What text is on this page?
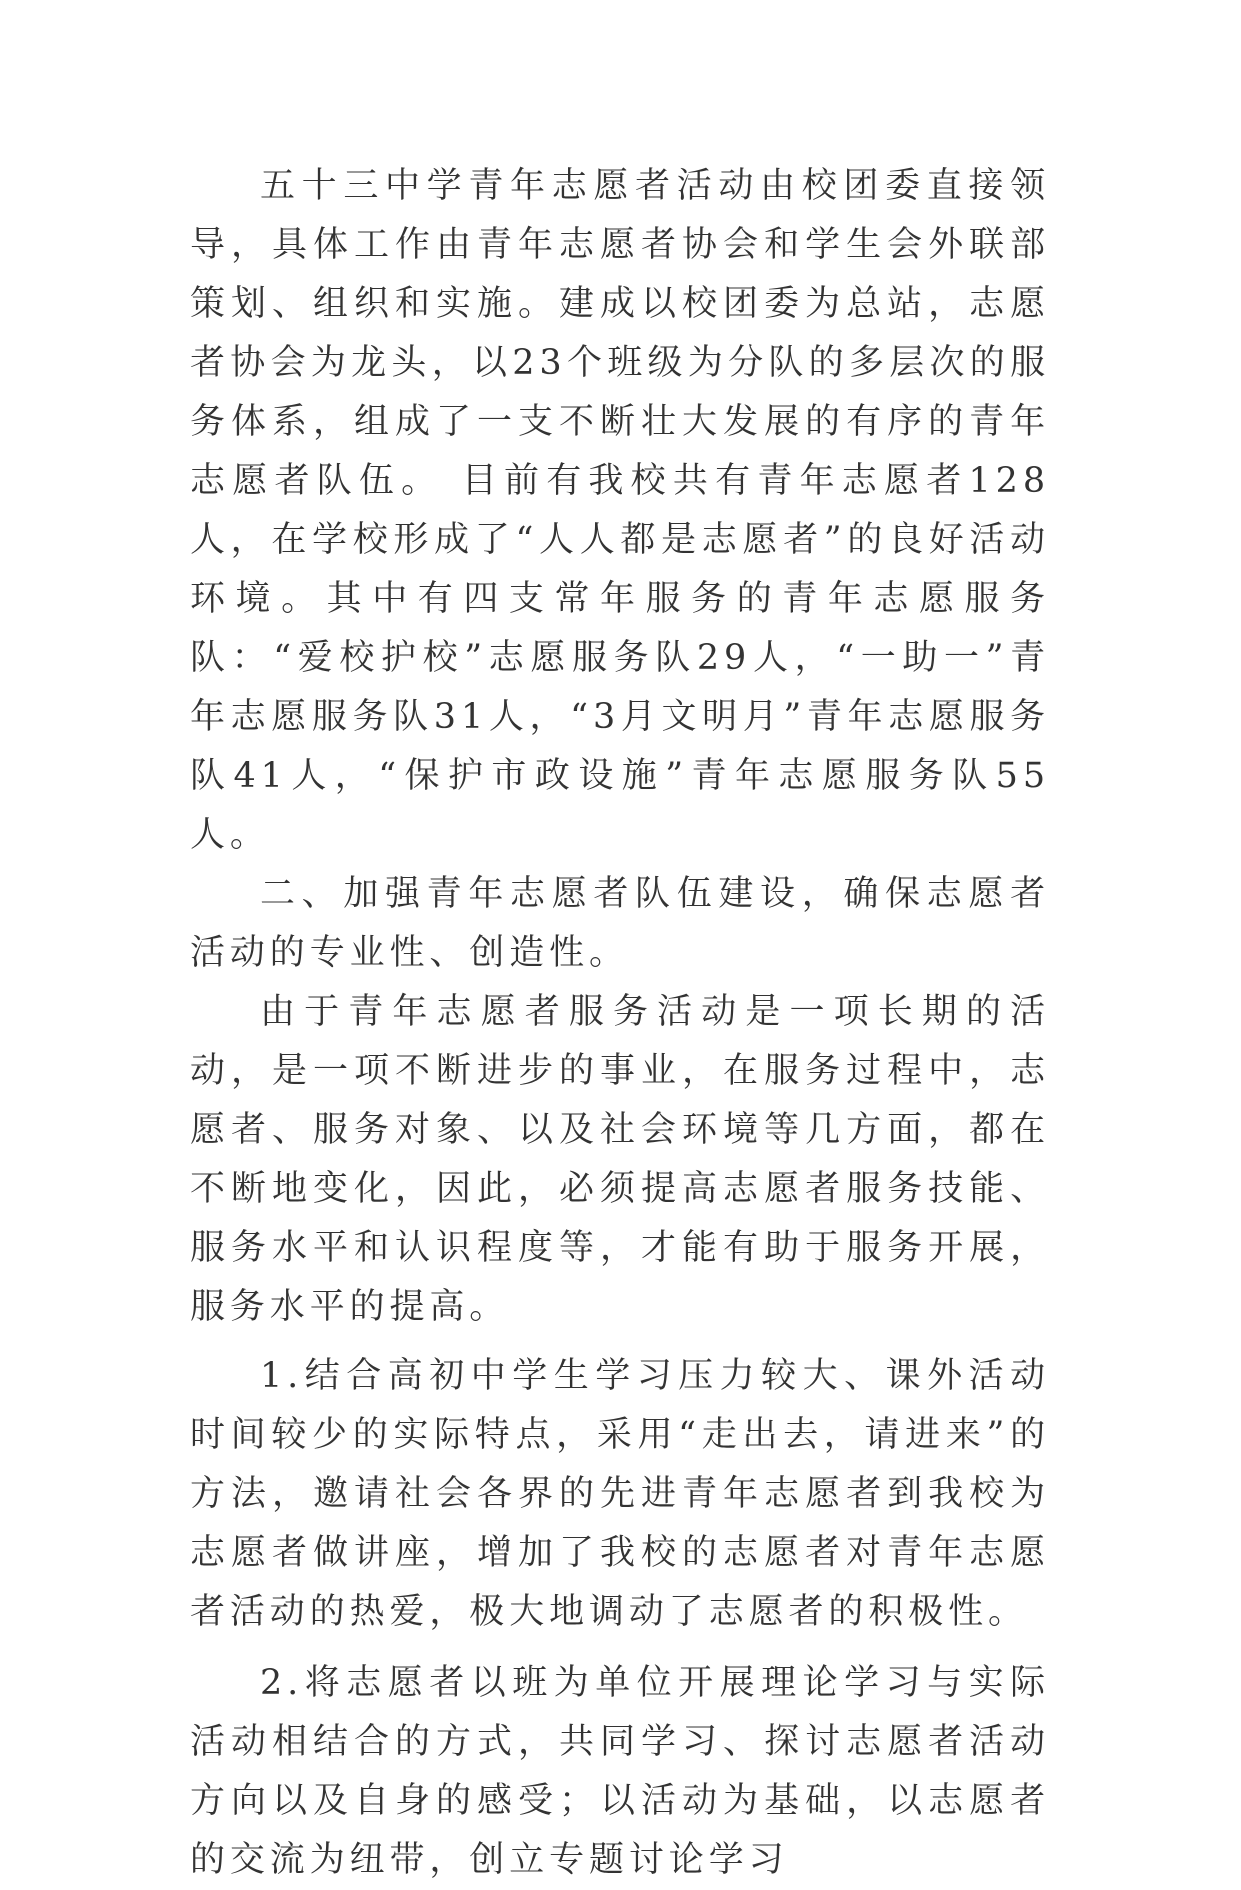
五十三中学青年志愿者活动由校团委直接领导，具体工作由青年志愿者协会和学生会外联部策划、组织和实施。建成以校团委为总站，志愿者协会为龙头，以23个班级为分队的多层次的服务体系，组成了一支不断壮大发展的有序的青年志愿者队伍。 目前有我校共有青年志愿者128人，在学校形成了“人人都是志愿者”的良好活动环境。其中有四支常年服务的青年志愿服务队：“爱校护校”志愿服务队29人，“一助一”青年志愿服务队31人，“3月文明月”青年志愿服务队41人，“保护市政设施”青年志愿服务队55人。

二、加强青年志愿者队伍建设，确保志愿者活动的专业性、创造性。

由于青年志愿者服务活动是一项长期的活动，是一项不断进步的事业，在服务过程中，志愿者、服务对象、以及社会环境等几方面，都在不断地变化，因此，必须提高志愿者服务技能、服务水平和认识程度等，才能有助于服务开展，服务水平的提高。

1.结合高初中学生学习压力较大、课外活动时间较少的实际特点，采用“走出去，请进来”的方法，邀请社会各界的先进青年志愿者到我校为志愿者做讲座，增加了我校的志愿者对青年志愿者活动的热爱，极大地调动了志愿者的积极性。

2.将志愿者以班为单位开展理论学习与实际活动相结合的方式，共同学习、探讨志愿者活动方向以及自身的感受；以活动为基础，以志愿者的交流为纽带，创立专题讨论学习
